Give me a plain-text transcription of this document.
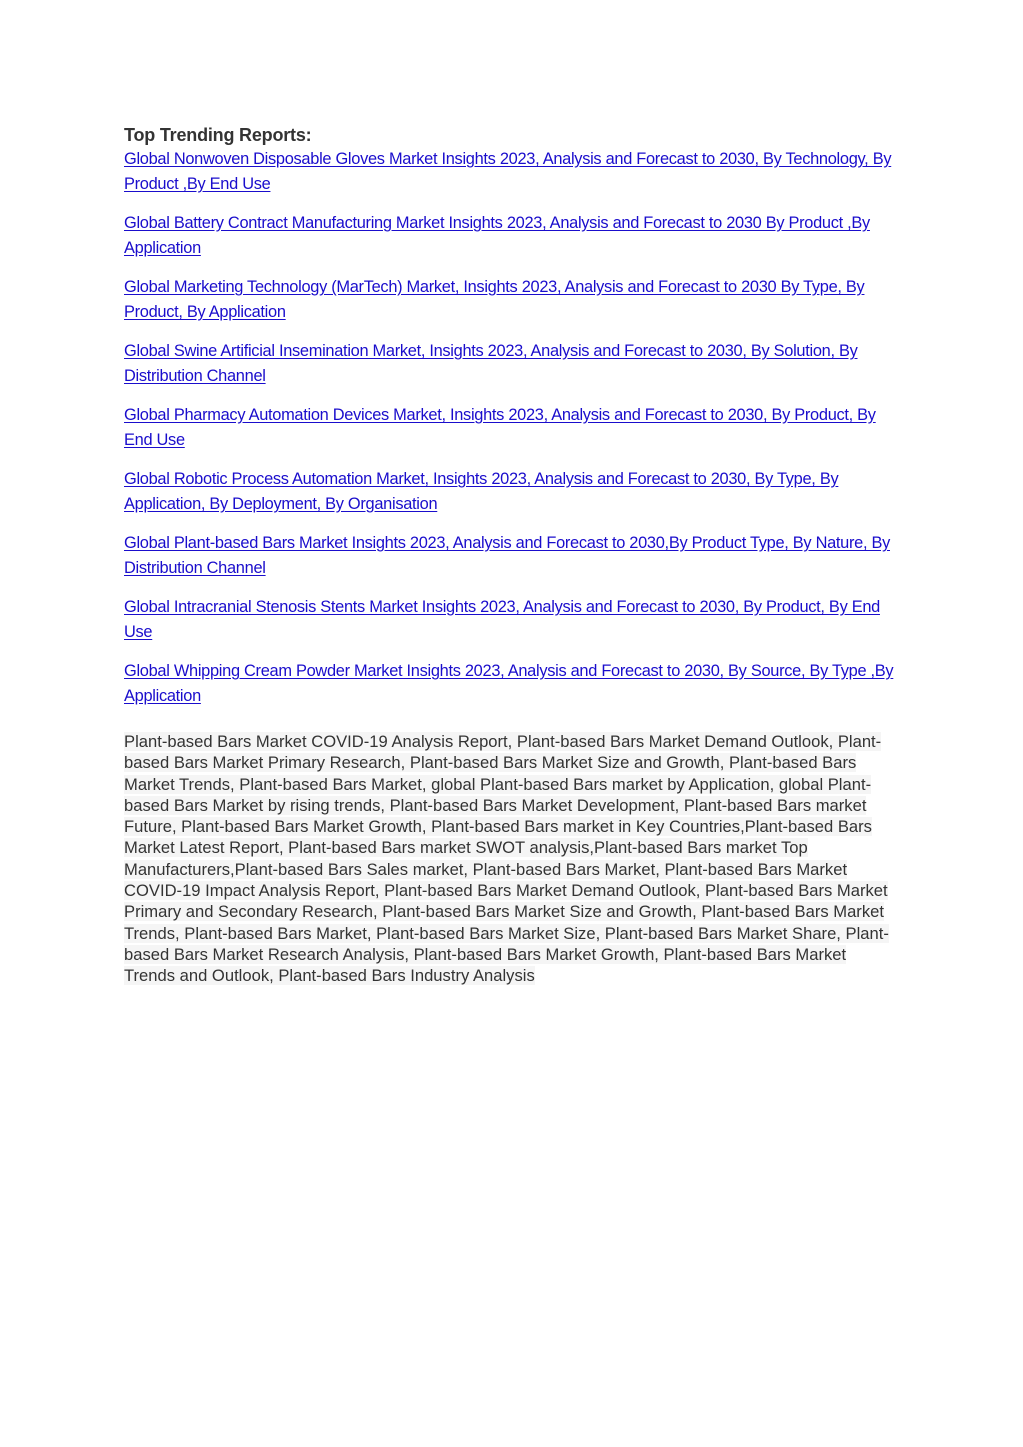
Top Trending Reports:
Global Nonwoven Disposable Gloves Market Insights 2023, Analysis and Forecast to 2030, By Technology, By Product ,By End Use
Global Battery Contract Manufacturing Market Insights 2023, Analysis and Forecast to 2030 By Product ,By Application
Global Marketing Technology (MarTech) Market, Insights 2023, Analysis and Forecast to 2030 By Type, By Product, By Application
Global Swine Artificial Insemination Market, Insights 2023, Analysis and Forecast to 2030, By Solution, By Distribution Channel
Global Pharmacy Automation Devices Market, Insights 2023, Analysis and Forecast to 2030, By Product, By End Use
Global Robotic Process Automation Market, Insights 2023, Analysis and Forecast to 2030, By Type, By Application, By Deployment, By Organisation
Global Plant-based Bars Market Insights 2023, Analysis and Forecast to 2030,By Product Type, By Nature, By Distribution Channel
Global Intracranial Stenosis Stents Market Insights 2023, Analysis and Forecast to 2030, By Product, By End Use
Global Whipping Cream Powder Market Insights 2023, Analysis and Forecast to 2030, By Source, By Type ,By Application

Plant-based Bars Market COVID-19 Analysis Report, Plant-based Bars Market Demand Outlook, Plant-based Bars Market Primary Research, Plant-based Bars Market Size and Growth, Plant-based Bars Market Trends, Plant-based Bars Market, global Plant-based Bars market by Application, global Plant-based Bars Market by rising trends, Plant-based Bars Market Development, Plant-based Bars market Future, Plant-based Bars Market Growth, Plant-based Bars market in Key Countries,Plant-based Bars Market Latest Report, Plant-based Bars market SWOT analysis,Plant-based Bars market Top Manufacturers,Plant-based Bars Sales market, Plant-based Bars Market, Plant-based Bars Market COVID-19 Impact Analysis Report, Plant-based Bars Market Demand Outlook, Plant-based Bars Market Primary and Secondary Research, Plant-based Bars Market Size and Growth, Plant-based Bars Market Trends, Plant-based Bars Market, Plant-based Bars Market Size, Plant-based Bars Market Share, Plant-based Bars Market Research Analysis, Plant-based Bars Market Growth, Plant-based Bars Market Trends and Outlook, Plant-based Bars Industry Analysis
